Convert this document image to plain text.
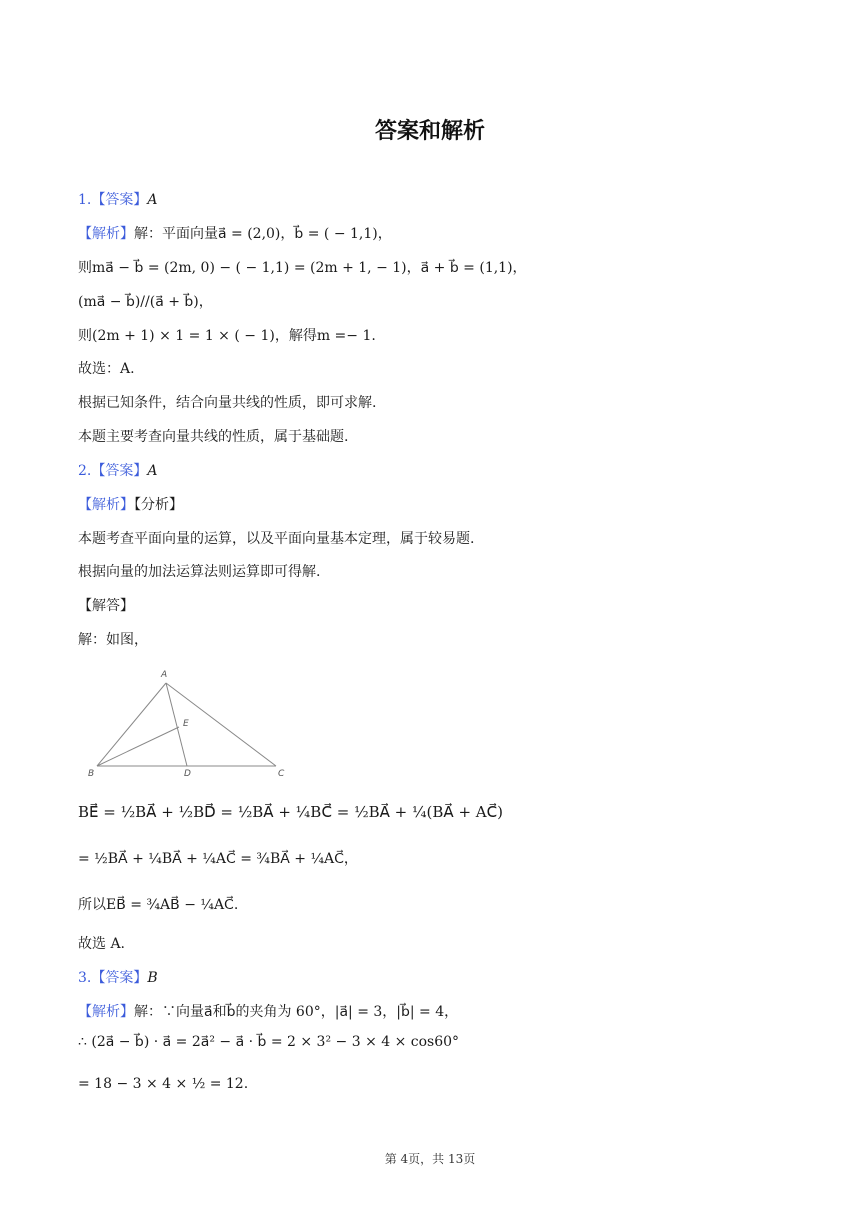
答案和解析
1.【答案】A
【解析】解：平面向量a⃗ = (2,0)，b⃗ = ( − 1,1)，
则ma⃗ − b⃗ = (2m, 0) − ( − 1,1) = (2m + 1, − 1)，a⃗ + b⃗ = (1,1)，
(ma⃗ − b⃗)//(a⃗ + b⃗)，
则(2m + 1) × 1 = 1 × ( − 1)，解得m =− 1.
故选：A.
根据已知条件，结合向量共线的性质，即可求解.
本题主要考查向量共线的性质，属于基础题.
2.【答案】A
【解析】【分析】
本题考查平面向量的运算，以及平面向量基本定理，属于较易题.
根据向量的加法运算法则运算即可得解.
【解答】
解：如图，
A
B	C
D
E
BE⃗ = ½BA⃗ + ½BD⃗ = ½BA⃗ + ¼BC⃗ = ½BA⃗ + ¼(BA⃗ + AC⃗)
= ½BA⃗ + ¼BA⃗ + ¼AC⃗ = ¾BA⃗ + ¼AC⃗，
所以EB⃗ = ¾AB⃗ − ¼AC⃗.
故选 A.
3.【答案】B
【解析】解：∵向量a⃗和b⃗的夹角为 60°，|a⃗| = 3，|b⃗| = 4，
∴ (2a⃗ − b⃗) · a⃗ = 2a⃗² − a⃗ · b⃗ = 2 × 3² − 3 × 4 × cos60°
= 18 − 3 × 4 × ½ = 12.
第 4页，共 13页
